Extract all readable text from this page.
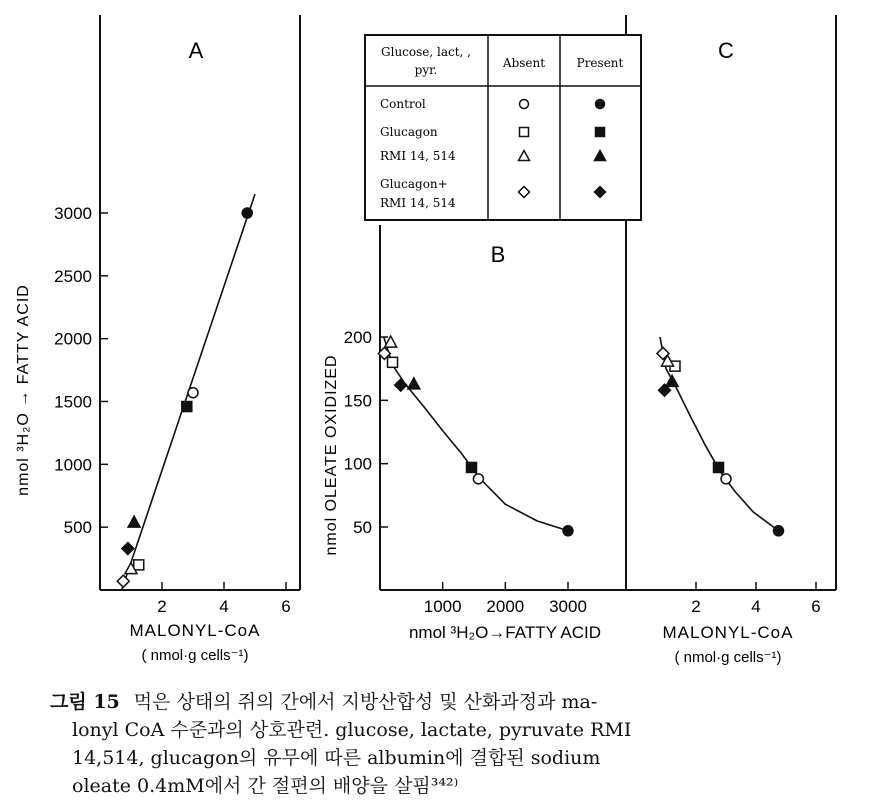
A
2	4	6
500
1000
1500
2000
2500
3000
MALONYL-CoA
( nmol·g cells⁻¹)
nmol ³H₂O → FATTY ACID
B
1000 2000 3000
50
100
150
200
nmol ³H₂O→FATTY ACID
nmol OLEATE OXIDIZED
C
2	4	6
MALONYL-CoA
( nmol·g cells⁻¹)
Glucose, lact, ,
pyr.	Absent	Present
Control
Glucagon
RMI 14, 514
Glucagon+
RMI 14, 514
그림 15 먹은 상태의 쥐의 간에서 지방산합성 및 산화과정과 ma-
lonyl CoA 수준과의 상호관련. glucose, lactate, pyruvate RMI
14,514, glucagon의 유무에 따른 albumin에 결합된 sodium
oleate 0.4mM에서 간 절편의 배양을 살핌³⁴²⁾
